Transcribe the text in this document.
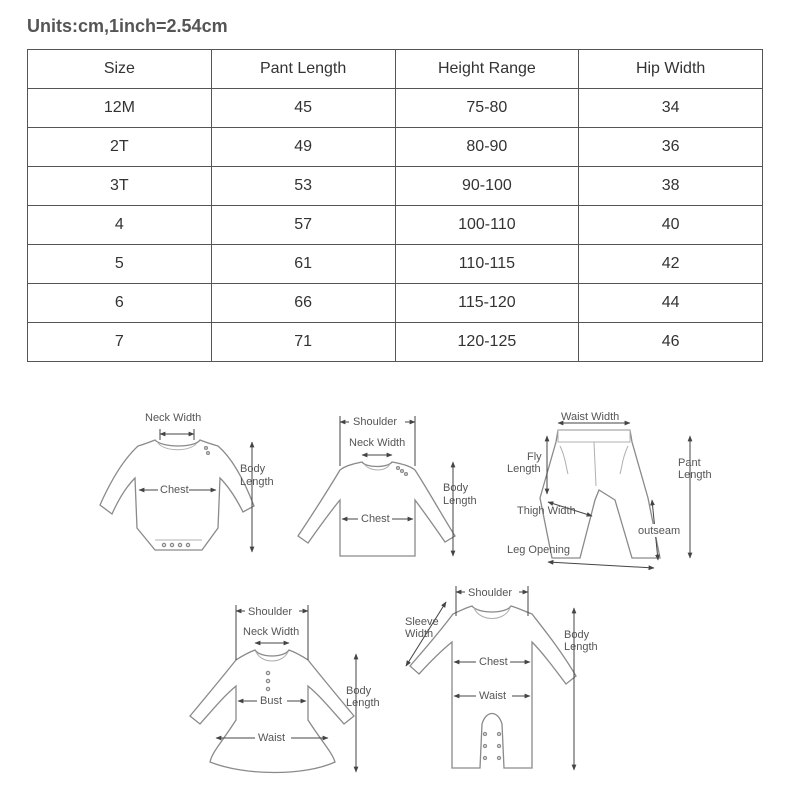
Units:cm,1inch=2.54cm
Size	Pant Length	Height Range	Hip Width
12M	45	75-80	34
2T	49	80-90	36
3T	53	90-100	38
4	57	100-110	40
5	61	110-115	42
6	66	115-120	44
7	71	120-125	46
Neck Width
Chest
Body
Length
Shoulder
Neck Width
Chest
Body
Length
Waist Width
Fly
Length	Pant
Length
Thigh Width
outseam
Leg Opening
Shoulder
Neck Width
Bust
Waist
Body
Length
Shoulder
Sleeve
Width
Chest
Waist
Body
Length
